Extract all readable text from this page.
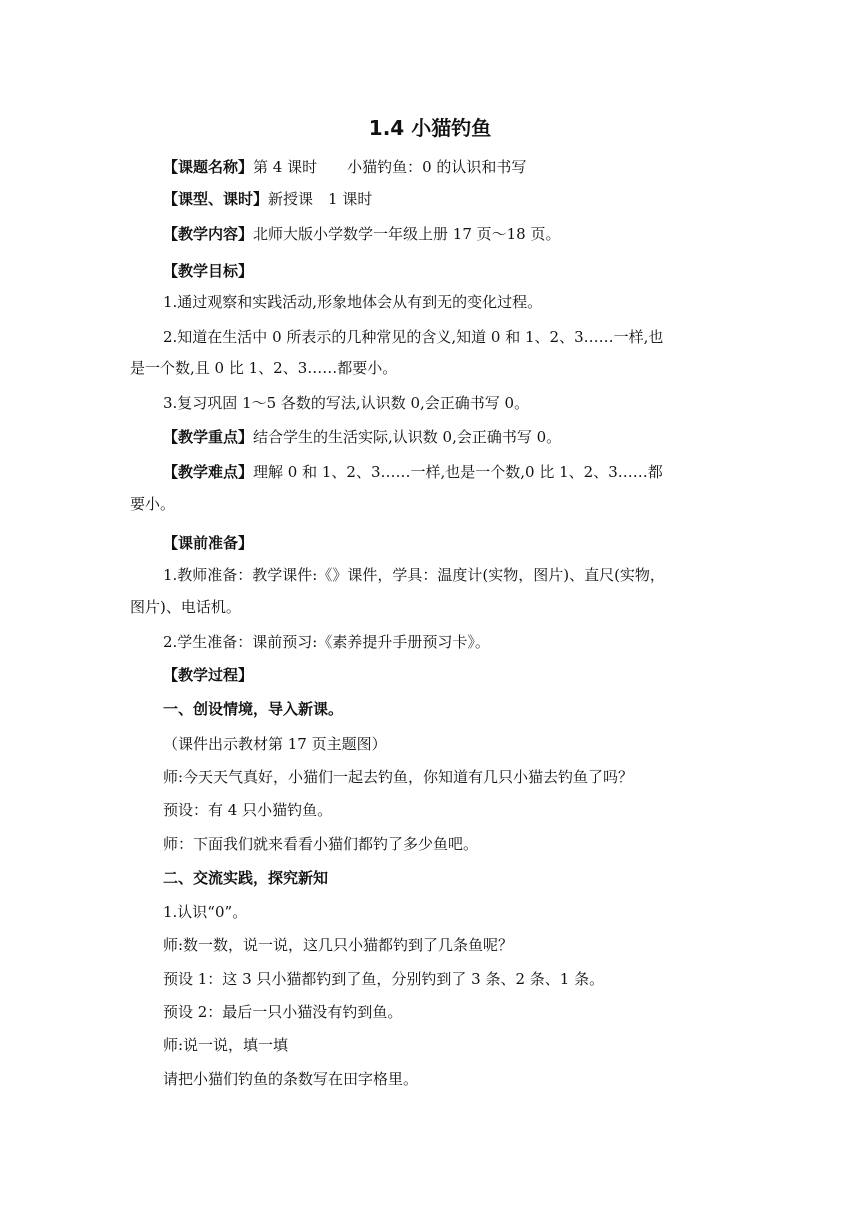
1.4 小猫钓鱼
【课题名称】第 4 课时　　小猫钓鱼：0 的认识和书写
【课型、课时】新授课　1 课时
【教学内容】北师大版小学数学一年级上册 17 页～18 页。
【教学目标】
1.通过观察和实践活动,形象地体会从有到无的变化过程。
2.知道在生活中 0 所表示的几种常见的含义,知道 0 和 1、2、3……一样,也
是一个数,且 0 比 1、2、3……都要小。
3.复习巩固 1～5 各数的写法,认识数 0,会正确书写 0。
【教学重点】结合学生的生活实际,认识数 0,会正确书写 0。
【教学难点】理解 0 和 1、2、3……一样,也是一个数,0 比 1、2、3……都
要小。
【课前准备】
1.教师准备：教学课件:《》课件，学具：温度计(实物，图片)、直尺(实物，
图片)、电话机。
2.学生准备：课前预习:《素养提升手册预习卡》。
【教学过程】
一、创设情境，导入新课。
（课件出示教材第 17 页主题图）
师:今天天气真好，小猫们一起去钓鱼，你知道有几只小猫去钓鱼了吗？
预设：有 4 只小猫钓鱼。
师：下面我们就来看看小猫们都钓了多少鱼吧。
二、交流实践，探究新知
1.认识“0”。
师:数一数，说一说，这几只小猫都钓到了几条鱼呢？
预设 1：这 3 只小猫都钓到了鱼，分别钓到了 3 条、2 条、1 条。
预设 2：最后一只小猫没有钓到鱼。
师:说一说，填一填
请把小猫们钓鱼的条数写在田字格里。
